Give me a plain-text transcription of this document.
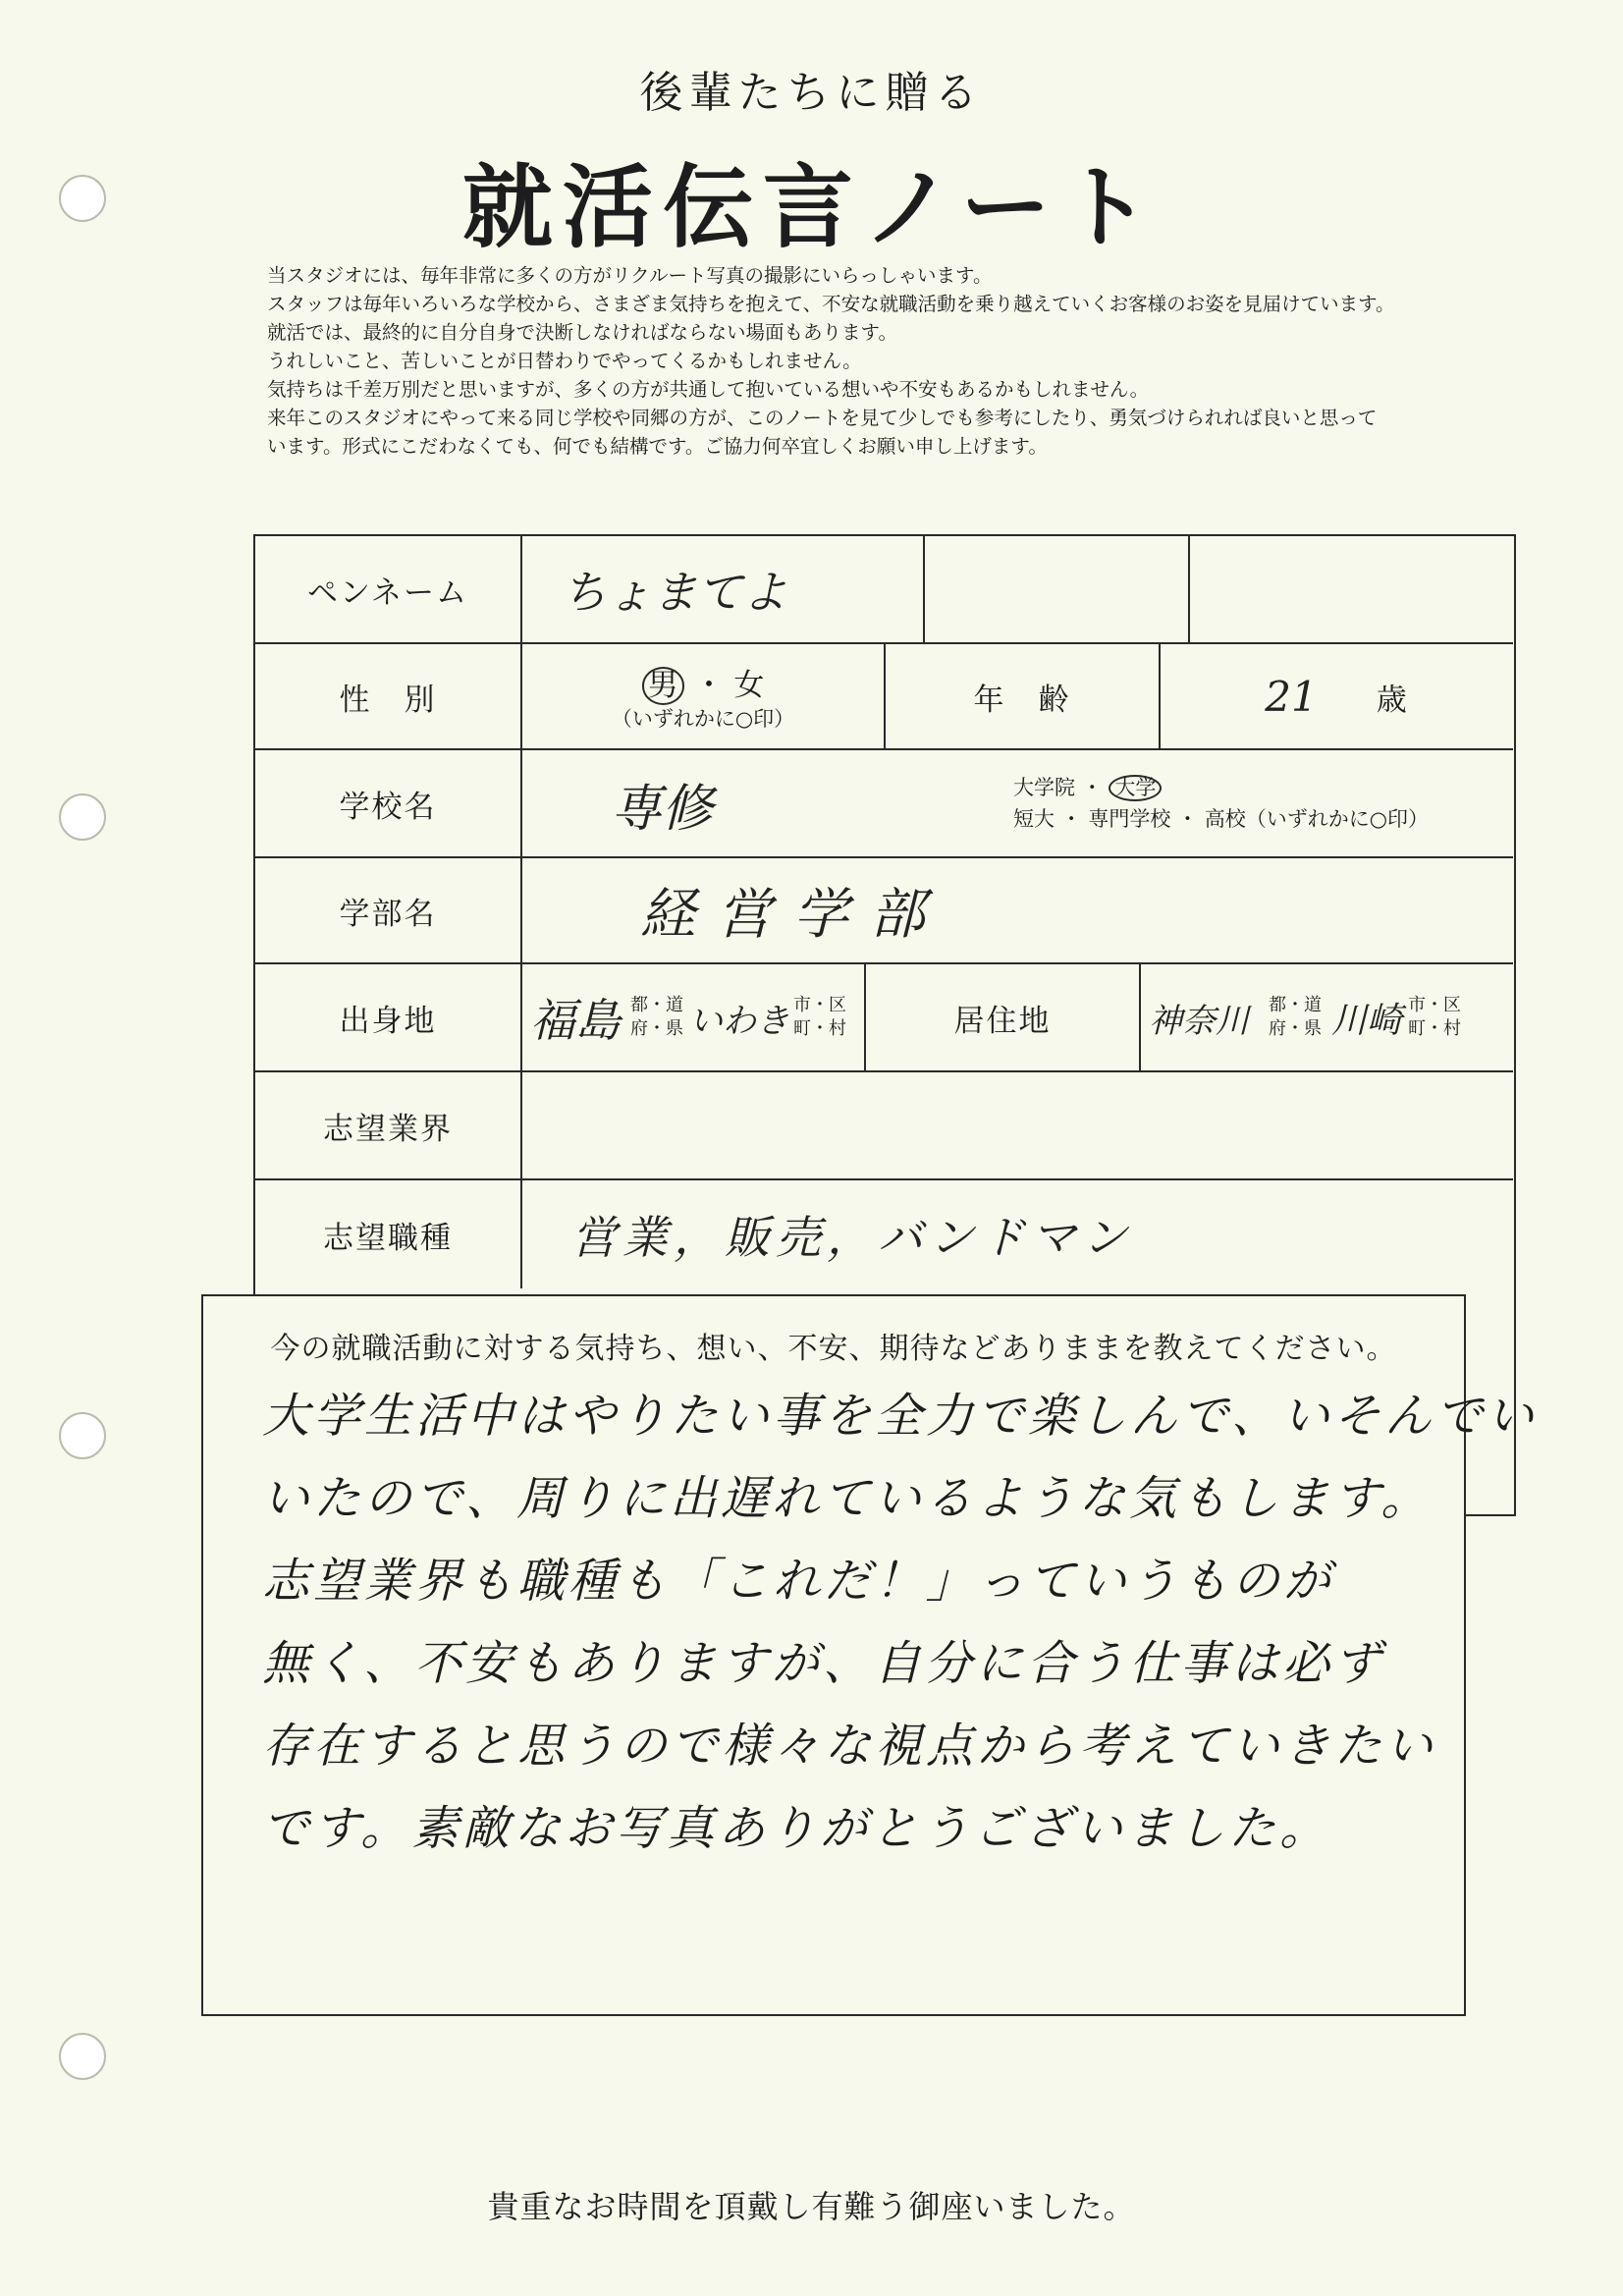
後輩たちに贈る
就活伝言ノート
当スタジオには、毎年非常に多くの方がリクルート写真の撮影にいらっしゃいます。
スタッフは毎年いろいろな学校から、さまざま気持ちを抱えて、不安な就職活動を乗り越えていくお客様のお姿を見届けています。
就活では、最終的に自分自身で決断しなければならない場面もあります。
うれしいこと、苦しいことが日替わりでやってくるかもしれません。
気持ちは千差万別だと思いますが、多くの方が共通して抱いている想いや不安もあるかもしれません。
来年このスタジオにやって来る同じ学校や同郷の方が、このノートを見て少しでも参考にしたり、勇気づけられれば良いと思って
います。形式にこだわなくても、何でも結構です。ご協力何卒宜しくお願い申し上げます。
ペンネーム ちょまてよ
性　別	男 ・ 女
（いずれかに○印）
年　齢	21 歳
学校名	専修	大学院 ・ 大学
短大 ・ 専門学校 ・ 高校（いずれかに○印）
学部名	経営学部
出身地 福島 都・道府・県 いわき 市・区町・村	居住地	神奈川 都・道府・県 川崎 市・区町・村
志望業界
志望職種	営業，販売，バンドマン
今の就職活動に対する気持ち、想い、不安、期待などありままを教えてください。
大学生活中はやりたい事を全力で楽しんで、いそんでい
いたので、周りに出遅れているような気もします。
志望業界も職種も「これだ！」っていうものが
無く、不安もありますが、自分に合う仕事は必ず
存在すると思うので様々な視点から考えていきたい
です。素敵なお写真ありがとうございました。
貴重なお時間を頂戴し有難う御座いました。
